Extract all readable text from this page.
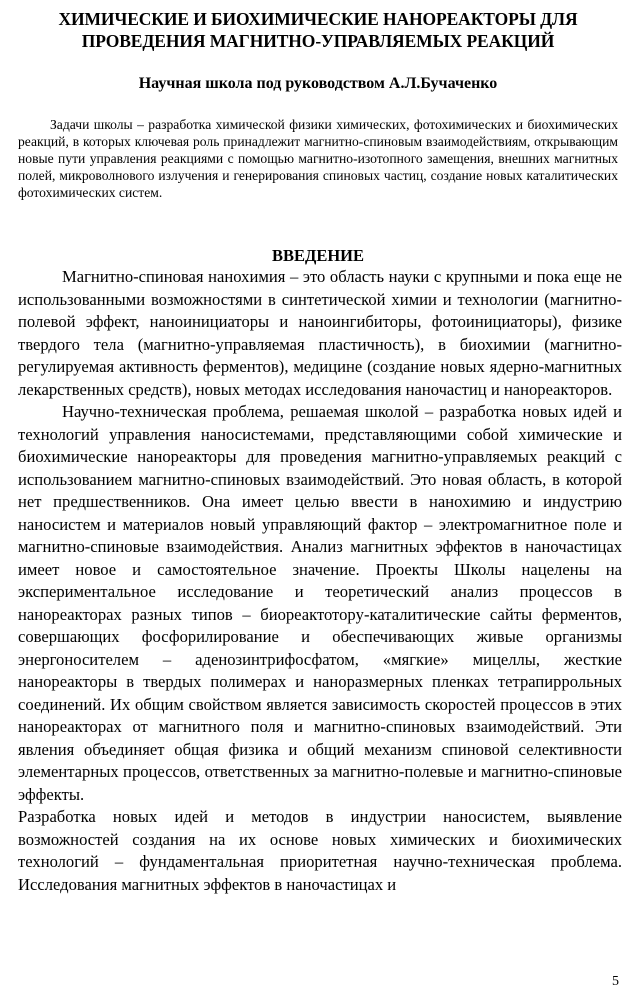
ХИМИЧЕСКИЕ И БИОХИМИЧЕСКИЕ НАНОРЕАКТОРЫ ДЛЯ
ПРОВЕДЕНИЯ МАГНИТНО-УПРАВЛЯЕМЫХ РЕАКЦИЙ
Научная школа под руководством А.Л.Бучаченко

Задачи школы – разработка химической физики химических, фотохимических и биохимических реакций, в которых ключевая роль принадлежит магнитно-спиновым взаимодействиям, открывающим новые пути управления реакциями с помощью магнитно-изотопного замещения, внешних магнитных полей, микроволнового излучения и генерирования спиновых частиц, создание новых каталитических фотохимических систем.

ВВЕДЕНИЕ

Магнитно-спиновая нанохимия – это область науки с крупными и пока еще не использованными возможностями в синтетической химии и технологии (магнитно-полевой эффект, наноинициаторы и наноингибиторы, фотоинициаторы), физике твердого тела (магнитно-управляемая пластичность), в биохимии (магнитно-регулируемая активность ферментов), медицине (создание новых ядерно-магнитных лекарственных средств), новых методах исследования наночастиц и нанореакторов.

Научно-техническая проблема, решаемая школой – разработка новых идей и технологий управления наносистемами, представляющими собой химические и биохимические нанореакторы для проведения магнитно-управляемых реакций с использованием магнитно-спиновых взаимодействий. Это новая область, в которой нет предшественников. Она имеет целью ввести в нанохимию и индустрию наносистем и материалов новый управляющий фактор – электромагнитное поле и магнитно-спиновые взаимодействия. Анализ магнитных эффектов в наночастицах имеет новое и самостоятельное значение. Проекты Школы нацелены на экспериментальное исследование и теоретический анализ процессов в нанореакторах разных типов – биореактотоpy-каталитические сайты ферментов, совершающих фосфорилирование и обеспечивающих живые организмы энергоносителем – аденозинтрифосфатом, «мягкие» мицеллы, жесткие нанореакторы в твердых полимерах и наноразмерных пленках тетрапиррольных соединений. Их общим свойством является зависимость скоростей процессов в этих нанореакторах от магнитного поля и магнитно-спиновых взаимодействий. Эти явления объединяет общая физика и общий механизм спиновой селективности элементарных процессов, ответственных за магнитно-полевые и магнитно-спиновые эффекты.

Разработка новых идей и методов в индустрии наносистем, выявление возможностей создания на их основе новых химических и биохимических технологий – фундаментальная приоритетная научно-техническая проблема. Исследования магнитных эффектов в наночастицах и

5
